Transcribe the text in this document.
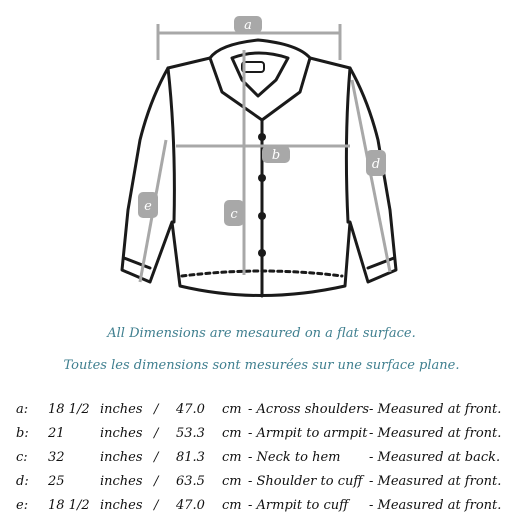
a
b
c
d
e
All Dimensions are mesaured on a flat surface.
Toutes les dimensions sont mesurées sur une surface plane.
a:	18 1/2	inches	/	47.0	cm	- Across shoulders	- Measured at front.
b:	21	inches	/	53.3	cm	- Armpit to armpit	- Measured at front.
c:	32	inches	/	81.3	cm	- Neck to hem	- Measured at back.
d:	25	inches	/	63.5	cm	- Shoulder to cuff	- Measured at front.
e:	18 1/2	inches	/	47.0	cm	- Armpit to cuff	- Measured at front.
